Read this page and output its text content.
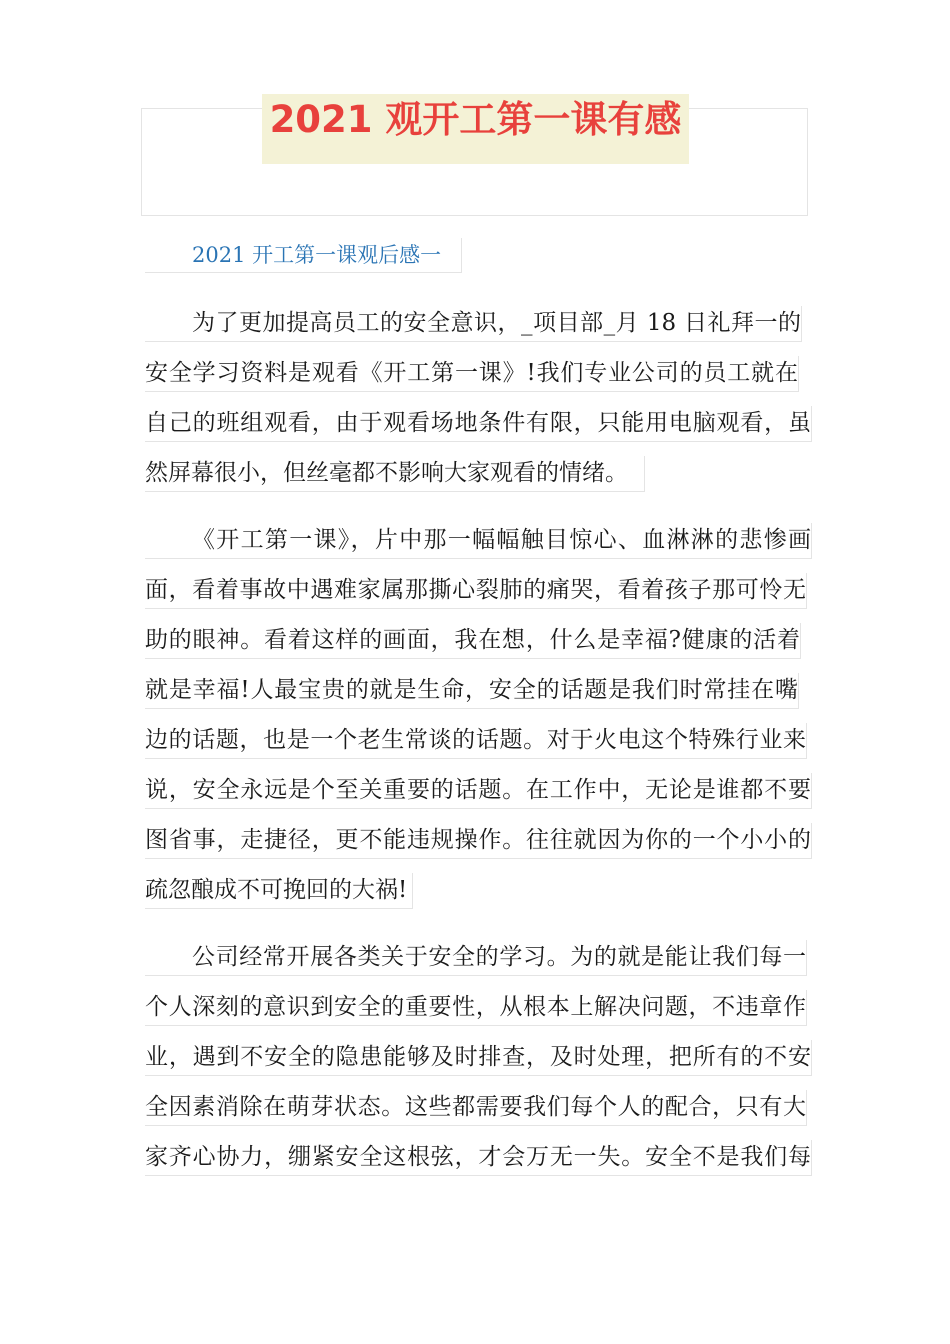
2021 观开工第一课有感
2021 开工第一课观后感一
为了更加提高员工的安全意识，_项目部_月 18 日礼拜一的
安全学习资料是观看《开工第一课》!我们专业公司的员工就在
自己的班组观看，由于观看场地条件有限，只能用电脑观看，虽
然屏幕很小，但丝毫都不影响大家观看的情绪。
《开工第一课》，片中那一幅幅触目惊心、血淋淋的悲惨画
面，看着事故中遇难家属那撕心裂肺的痛哭，看着孩子那可怜无
助的眼神。看着这样的画面，我在想，什么是幸福?健康的活着
就是幸福!人最宝贵的就是生命，安全的话题是我们时常挂在嘴
边的话题，也是一个老生常谈的话题。对于火电这个特殊行业来
说，安全永远是个至关重要的话题。在工作中，无论是谁都不要
图省事，走捷径，更不能违规操作。往往就因为你的一个小小的
疏忽酿成不可挽回的大祸!
公司经常开展各类关于安全的学习。为的就是能让我们每一
个人深刻的意识到安全的重要性，从根本上解决问题，不违章作
业，遇到不安全的隐患能够及时排查，及时处理，把所有的不安
全因素消除在萌芽状态。这些都需要我们每个人的配合，只有大
家齐心协力，绷紧安全这根弦，才会万无一失。安全不是我们每
